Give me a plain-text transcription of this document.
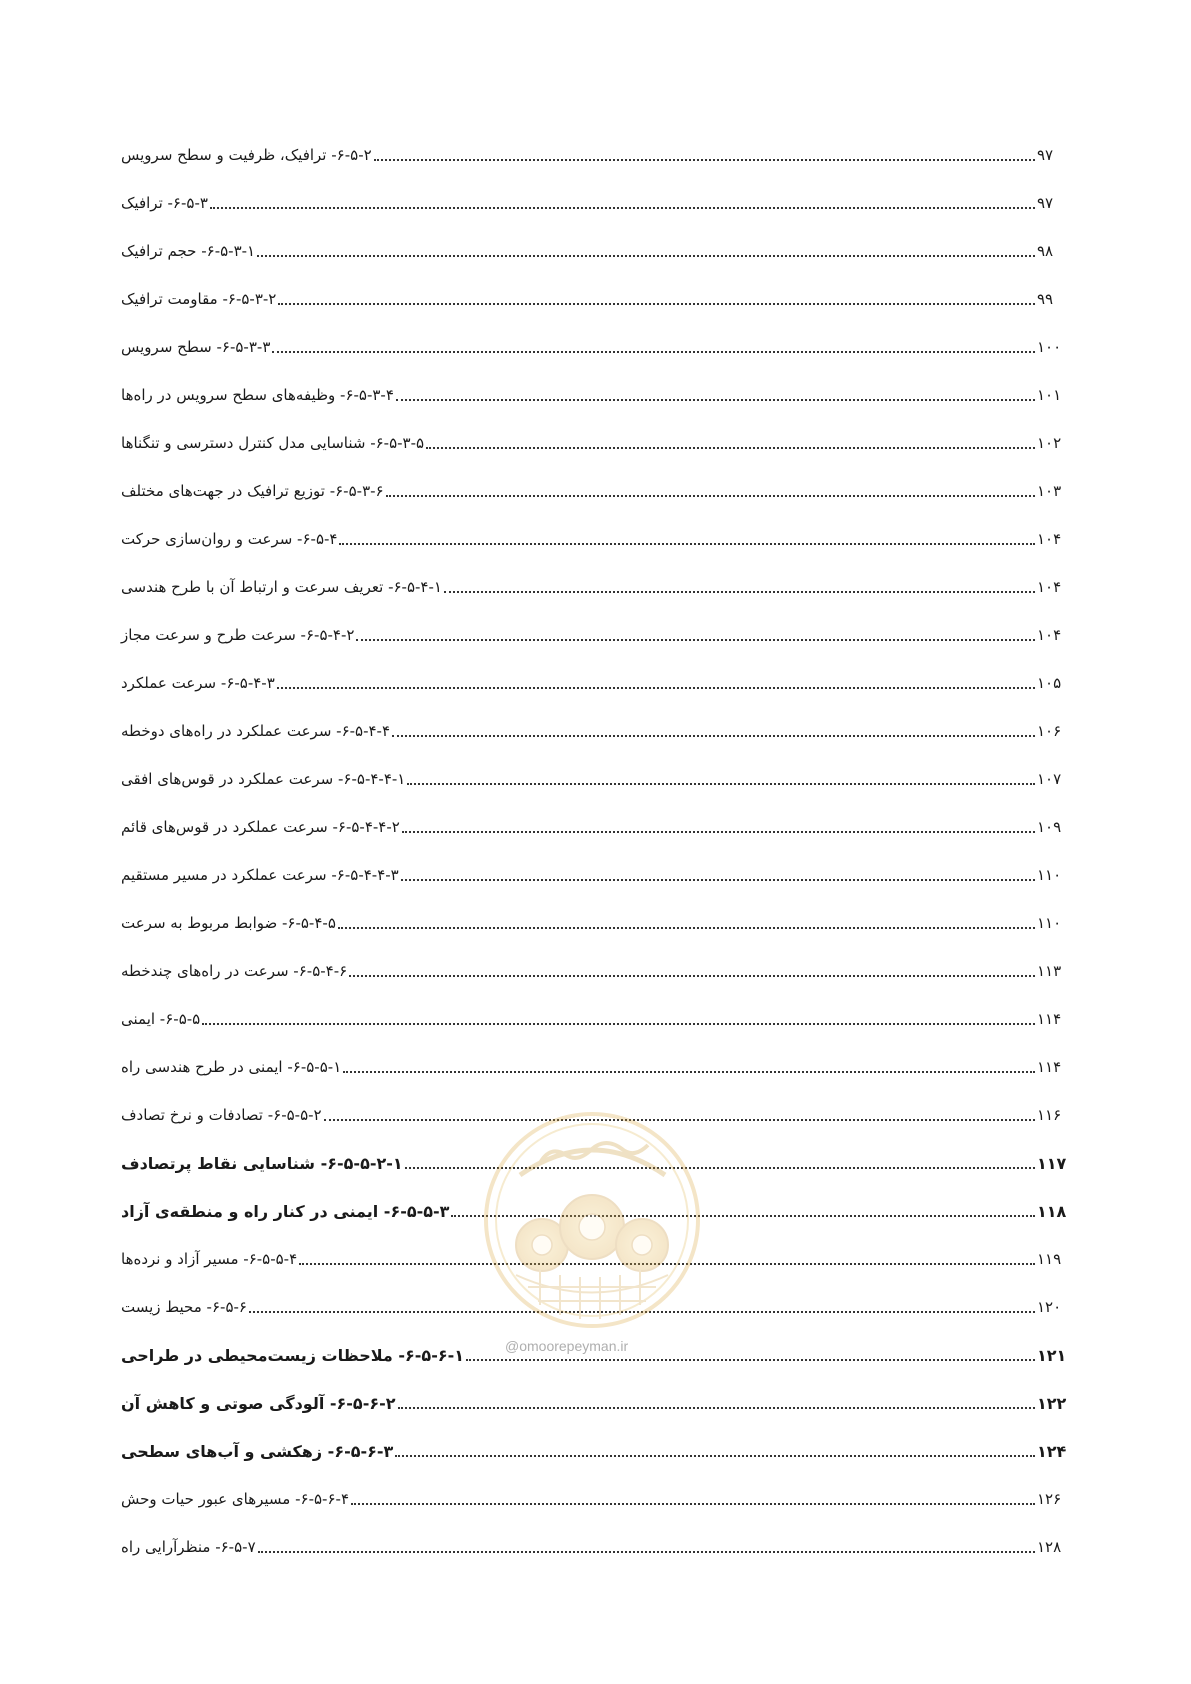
۶-۵-۲- ترافیک، ظرفیت و سطح سرویس	۹۷
۶-۵-۳- ترافیک	۹۷
۶-۵-۳-۱- حجم ترافیک	۹۸
۶-۵-۳-۲- مقاومت ترافیک	۹۹
۶-۵-۳-۳- سطح سرویس	۱۰۰
۶-۵-۳-۴- وظیفه‌های سطح سرویس در راه‌ها	۱۰۱
۶-۵-۳-۵- شناسایی مدل کنترل دسترسی و تنگناها	۱۰۲
۶-۵-۳-۶- توزیع ترافیک در جهت‌های مختلف	۱۰۳
۶-۵-۴- سرعت و روان‌سازی حرکت	۱۰۴
۶-۵-۴-۱- تعریف سرعت و ارتباط آن با طرح هندسی	۱۰۴
۶-۵-۴-۲- سرعت طرح و سرعت مجاز	۱۰۴
۶-۵-۴-۳- سرعت عملکرد	۱۰۵
۶-۵-۴-۴- سرعت عملکرد در راه‌های دوخطه	۱۰۶
۶-۵-۴-۴-۱- سرعت عملکرد در قوس‌های افقی	۱۰۷
۶-۵-۴-۴-۲- سرعت عملکرد در قوس‌های قائم	۱۰۹
۶-۵-۴-۴-۳- سرعت عملکرد در مسیر مستقیم	۱۱۰
۶-۵-۴-۵- ضوابط مربوط به سرعت	۱۱۰
۶-۵-۴-۶- سرعت در راه‌های چندخطه	۱۱۳
۶-۵-۵- ایمنی	۱۱۴
۶-۵-۵-۱- ایمنی در طرح هندسی راه	۱۱۴
۶-۵-۵-۲- تصادفات و نرخ تصادف	۱۱۶
۶-۵-۵-۲-۱- شناسایی نقاط پرتصادف	۱۱۷
۶-۵-۵-۳- ایمنی در کنار راه و منطقه‌ی آزاد	۱۱۸
۶-۵-۵-۴- مسیر آزاد و نرده‌ها	۱۱۹
۶-۵-۶- محیط زیست	۱۲۰
۶-۵-۶-۱- ملاحظات زیست‌محیطی در طراحی	۱۲۱
۶-۵-۶-۲- آلودگی صوتی و کاهش آن	۱۲۲
۶-۵-۶-۳- زهکشی و آب‌های سطحی	۱۲۴
۶-۵-۶-۴- مسیرهای عبور حیات وحش	۱۲۶
۶-۵-۷- منظرآرایی راه	۱۲۸
@omoorepeyman.ir
